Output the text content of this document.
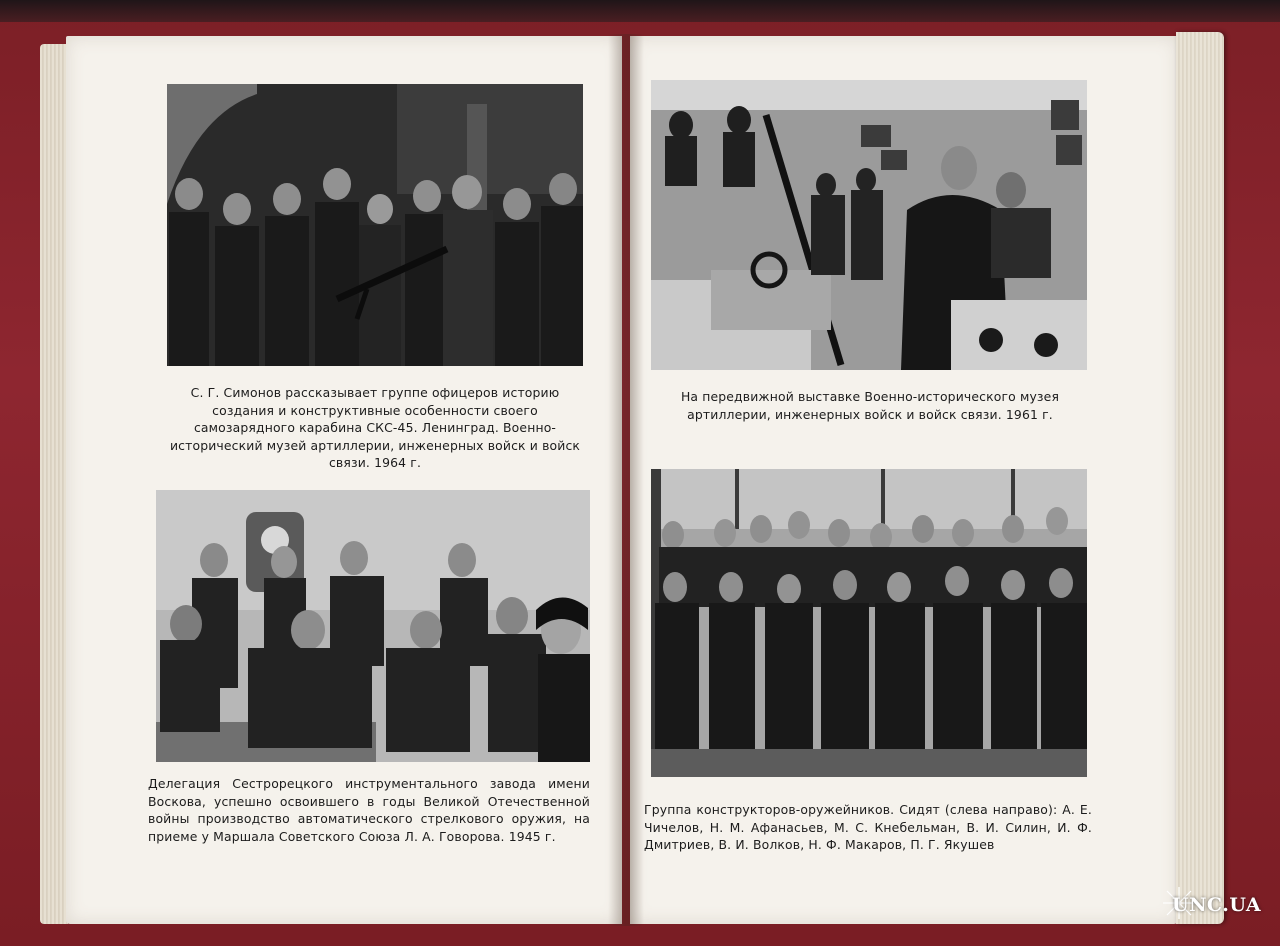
С. Г. Симонов рассказывает группе офицеров историю создания и конструктивные особенности своего самозарядного карабина СКС-45. Ленинград. Военно-исторический музей артиллерии, инженерных войск и войск связи. 1964 г.

На передвижной выставке Военно-исторического музея артиллерии, инженерных войск и войск связи. 1961 г.

Делегация Сестрорецкого инструментального завода имени Воскова, успешно освоившего в годы Великой Отечественной войны производство автоматического стрелкового оружия, на приеме у Маршала Советского Союза Л. А. Говорова. 1945 г.

Группа конструкторов-оружейников. Сидят (слева направо): А. Е. Чичелов, Н. М. Афанасьев, М. С. Кнебельман, В. И. Силин, И. Ф. Дмитриев, В. И. Волков, Н. Ф. Макаров, П. Г. Якушев

UNC.UA
